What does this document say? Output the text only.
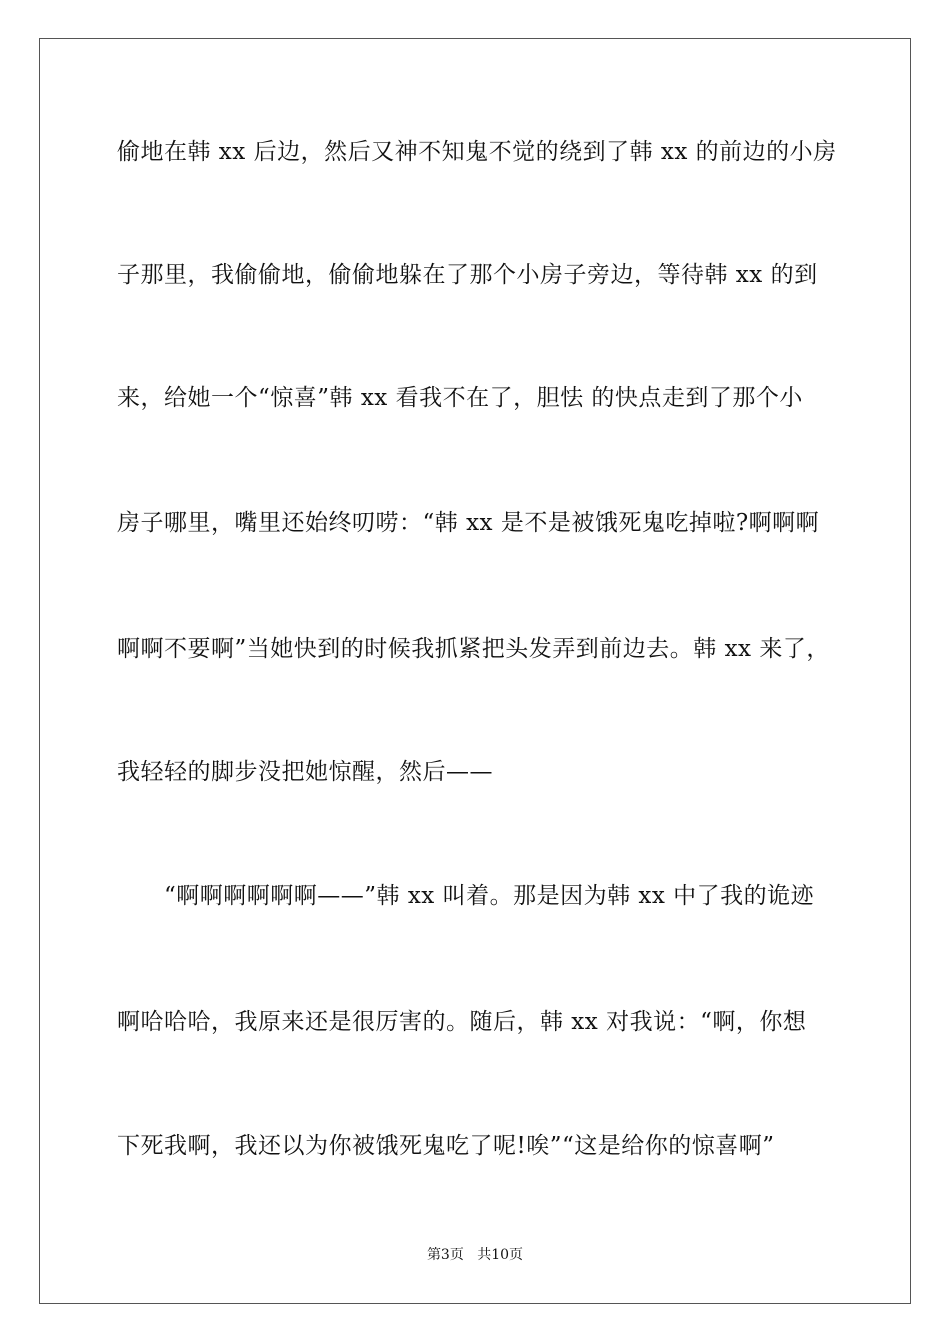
偷地在韩 xx 后边，然后又神不知鬼不觉的绕到了韩 xx 的前边的小房
子那里，我偷偷地，偷偷地躲在了那个小房子旁边，等待韩 xx 的到
来，给她一个“惊喜”韩 xx 看我不在了，胆怯 的快点走到了那个小
房子哪里，嘴里还始终叨唠：“韩 xx 是不是被饿死鬼吃掉啦?啊啊啊
啊啊不要啊”当她快到的时候我抓紧把头发弄到前边去。韩 xx 来了，
我轻轻的脚步没把她惊醒，然后——
“啊啊啊啊啊啊——”韩 xx 叫着。那是因为韩 xx 中了我的诡迹
啊哈哈哈，我原来还是很厉害的。随后，韩 xx 对我说：“啊，你想
下死我啊，我还以为你被饿死鬼吃了呢!唉”“这是给你的惊喜啊”
第3页 共10页
